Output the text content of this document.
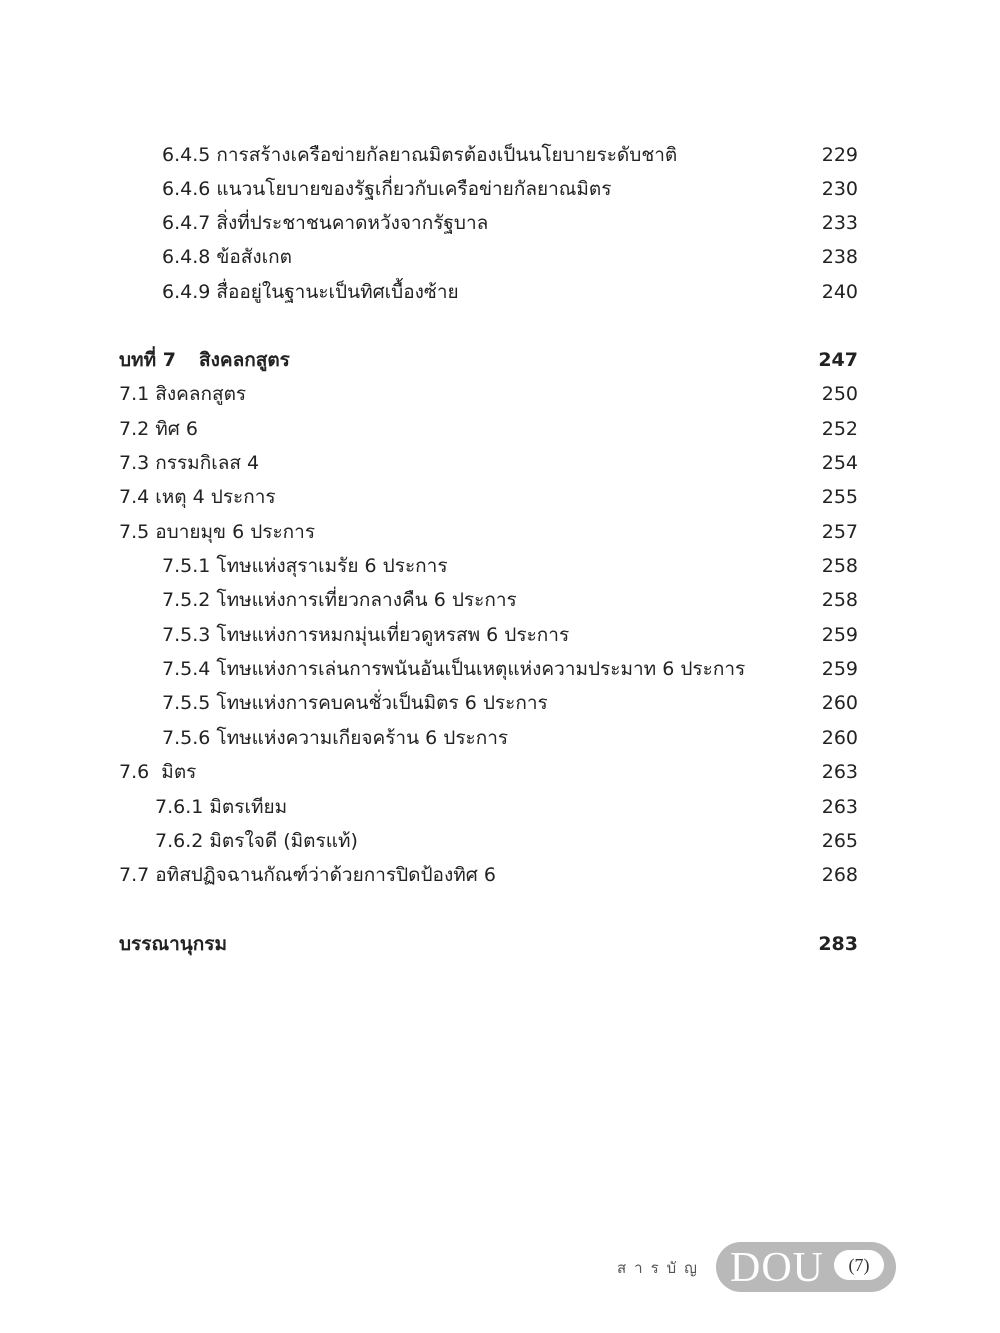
6.4.5 การสร้างเครือข่ายกัลยาณมิตรต้องเป็นนโยบายระดับชาติ	229
6.4.6 แนวนโยบายของรัฐเกี่ยวกับเครือข่ายกัลยาณมิตร	230
6.4.7 สิ่งที่ประชาชนคาดหวังจากรัฐบาล	233
6.4.8 ข้อสังเกต	238
6.4.9 สื่ออยู่ในฐานะเป็นทิศเบื้องซ้าย	240
บทที่ 7 สิงคลกสูตร	247
7.1 สิงคลกสูตร	250
7.2 ทิศ 6	252
7.3 กรรมกิเลส 4	254
7.4 เหตุ 4 ประการ	255
7.5 อบายมุข 6 ประการ	257
7.5.1 โทษแห่งสุราเมรัย 6 ประการ	258
7.5.2 โทษแห่งการเที่ยวกลางคืน 6 ประการ	258
7.5.3 โทษแห่งการหมกมุ่นเที่ยวดูหรสพ 6 ประการ	259
7.5.4 โทษแห่งการเล่นการพนันอันเป็นเหตุแห่งความประมาท 6 ประการ	259
7.5.5 โทษแห่งการคบคนชั่วเป็นมิตร 6 ประการ	260
7.5.6 โทษแห่งความเกียจคร้าน 6 ประการ	260
7.6  มิตร	263
7.6.1 มิตรเทียม	263
7.6.2 มิตรใจดี (มิตรแท้)	265
7.7 อทิสปฏิจฉานกัณฑ์ว่าด้วยการปิดป้องทิศ 6	268
บรรณานุกรม	283
สารบัญ DOU	(7)
